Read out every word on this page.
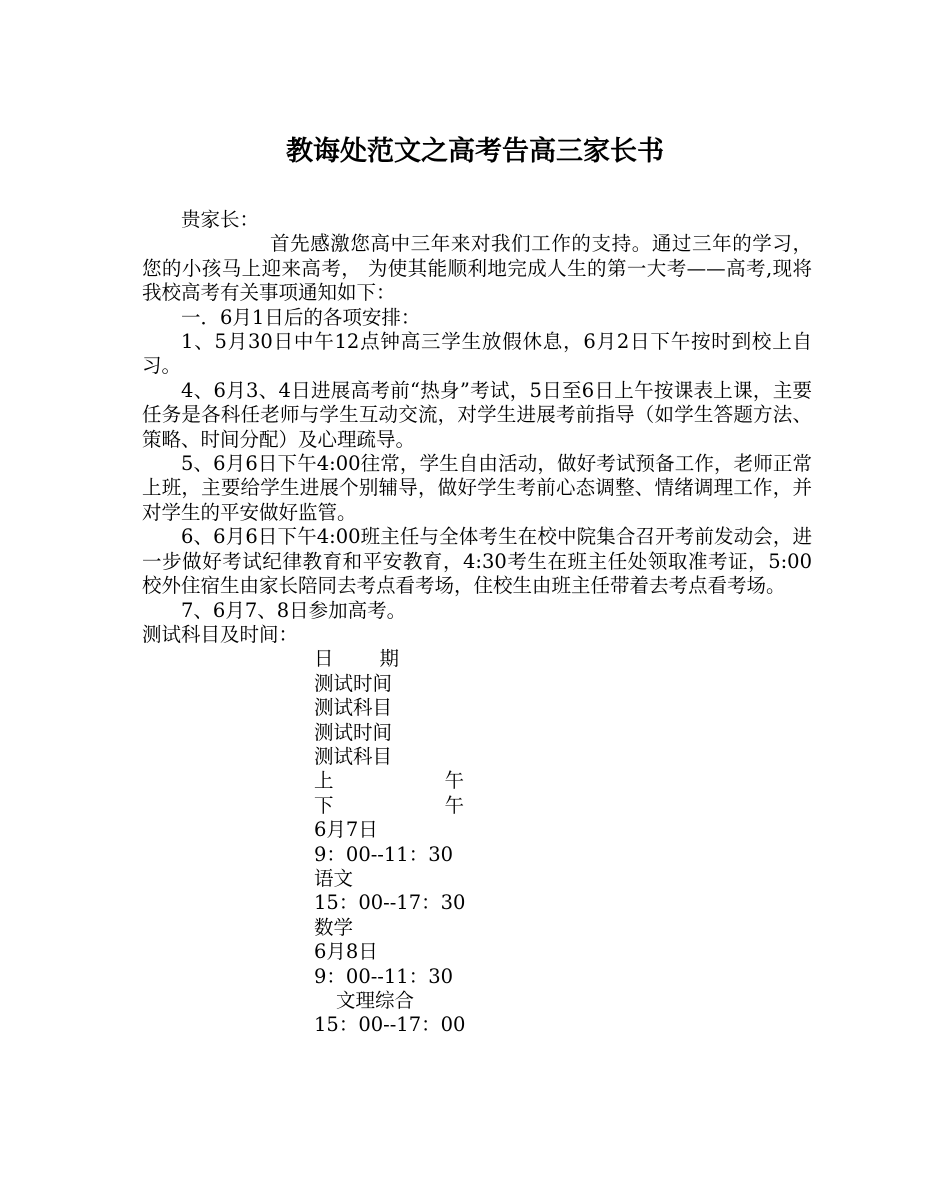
教诲处范文之高考告高三家长书

贵家长：

首先感激您高中三年来对我们工作的支持。通过三年的学习，您的小孩马上迎来高考， 为使其能顺利地完成人生的第一大考——高考,现将我校高考有关事项通知如下：

一．6月1日后的各项安排：

1、5月30日中午12点钟高三学生放假休息，6月2日下午按时到校上自习。

4、6月3、4日进展高考前“热身”考试，5日至6日上午按课表上课，主要任务是各科任老师与学生互动交流，对学生进展考前指导（如学生答题方法、策略、时间分配）及心理疏导。

5、6月6日下午4:00往常，学生自由活动，做好考试预备工作，老师正常上班，主要给学生进展个别辅导，做好学生考前心态调整、情绪调理工作，并对学生的平安做好监管。

6、6月6日下午4:00班主任与全体考生在校中院集合召开考前发动会，进一步做好考试纪律教育和平安教育，4:30考生在班主任处领取准考证，5:00校外住宿生由家长陪同去考点看考场，住校生由班主任带着去考点看考场。

7、6月7、8日参加高考。

测试科目及时间：

日 期
测试时间
测试科目
测试时间
测试科目
上	午
下	午
6月7日
9：00--11：30
语文
15：00--17：30
数学
6月8日
9：00--11：30
文理综合
15：00--17：00
